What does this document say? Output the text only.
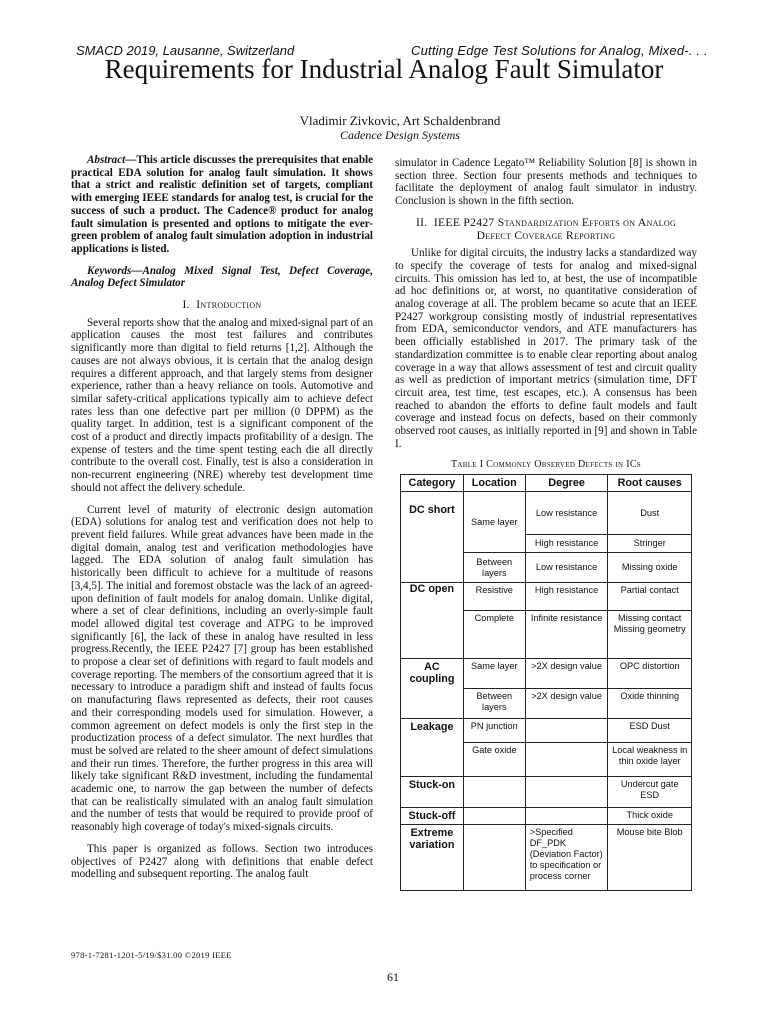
SMACD 2019, Lausanne, Switzerland	Cutting Edge Test Solutions for Analog, Mixed-. . .
Requirements for Industrial Analog Fault Simulator
Vladimir Zivkovic, Art Schaldenbrand
Cadence Design Systems

Abstract—This article discusses the prerequisites that enable practical EDA solution for analog fault simulation. It shows that a strict and realistic definition set of targets, compliant with emerging IEEE standards for analog test, is crucial for the success of such a product. The Cadence® product for analog fault simulation is presented and options to mitigate the ever-green problem of analog fault simulation adoption in industrial applications is listed.

Keywords—Analog Mixed Signal Test, Defect Coverage, Analog Defect Simulator

I. Introduction

Several reports show that the analog and mixed-signal part of an application causes the most test failures and contributes significantly more than digital to field returns [1,2]. Although the causes are not always obvious, it is certain that the analog design requires a different approach, and that largely stems from designer experience, rather than a heavy reliance on tools. Automotive and similar safety-critical applications typically aim to achieve defect rates less than one defective part per million (0 DPPM) as the quality target. In addition, test is a significant component of the cost of a product and directly impacts profitability of a design. The expense of testers and the time spent testing each die all directly contribute to the overall cost. Finally, test is also a consideration in non-recurrent engineering (NRE) whereby test development time should not affect the delivery schedule.

Current level of maturity of electronic design automation (EDA) solutions for analog test and verification does not help to prevent field failures. While great advances have been made in the digital domain, analog test and verification methodologies have lagged. The EDA solution of analog fault simulation has historically been difficult to achieve for a multitude of reasons [3,4,5]. The initial and foremost obstacle was the lack of an agreed-upon definition of fault models for analog domain. Unlike digital, where a set of clear definitions, including an overly-simple fault model allowed digital test coverage and ATPG to be improved significantly [6], the lack of these in analog have resulted in less progress.Recently, the IEEE P2427 [7] group has been established to propose a clear set of definitions with regard to fault models and coverage reporting. The members of the consortium agreed that it is necessary to introduce a paradigm shift and instead of faults focus on manufacturing flaws represented as defects, their root causes and their corresponding models used for simulation. However, a common agreement on defect models is only the first step in the productization process of a defect simulator. The next hurdles that must be solved are related to the sheer amount of defect simulations and their run times. Therefore, the further progress in this area will likely take significant R&D investment, including the fundamental academic one, to narrow the gap between the number of defects that can be realistically simulated with an analog fault simulation and the number of tests that would be required to provide proof of reasonably high coverage of today's mixed-signals circuits.

This paper is organized as follows. Section two introduces objectives of P2427 along with definitions that enable defect modelling and subsequent reporting. The analog fault

simulator in Cadence Legato™ Reliability Solution [8] is shown in section three. Section four presents methods and techniques to facilitate the deployment of analog fault simulator in industry. Conclusion is shown in the fifth section.

II. IEEE P2427 Standardization Efforts on Analog
Defect Coverage Reporting

Unlike for digital circuits, the industry lacks a standardized way to specify the coverage of tests for analog and mixed-signal circuits. This omission has led to, at best, the use of incompatible ad hoc definitions or, at worst, no quantitative consideration of analog coverage at all. The problem became so acute that an IEEE P2427 workgroup consisting mostly of industrial representatives from EDA, semiconductor vendors, and ATE manufacturers has been officially established in 2017. The primary task of the standardization committee is to enable clear reporting about analog coverage in a way that allows assessment of test and circuit quality as well as prediction of important metrics (simulation time, DFT circuit area, test time, test escapes, etc.). A consensus has been reached to abandon the efforts to define fault models and fault coverage and instead focus on defects, based on their commonly observed root causes, as initially reported in [9] and shown in Table I.

Table I Commonly Observed Defects in ICs

Category	Location	Degree	Root causes
DC short	Same layer	Low resistance	Dust
		High resistance	Stringer
	Between layers	Low resistance	Missing oxide
DC open	Resistive	High resistance	Partial contact
	Complete	Infinite resistance	Missing contact Missing geometry
AC coupling	Same layer	>2X design value	OPC distortion
	Between layers	>2X design value	Oxide thinning
Leakage	PN junction		ESD Dust
	Gate oxide		Local weakness in thin oxide layer
Stuck-on			Undercut gate ESD
Stuck-off			Thick oxide
Extreme variation		>Specified DF_PDK (Deviation Factor) to specification or process corner	Mouse bite Blob
978-1-7281-1201-5/19/$31.00 ©2019 IEEE
61
